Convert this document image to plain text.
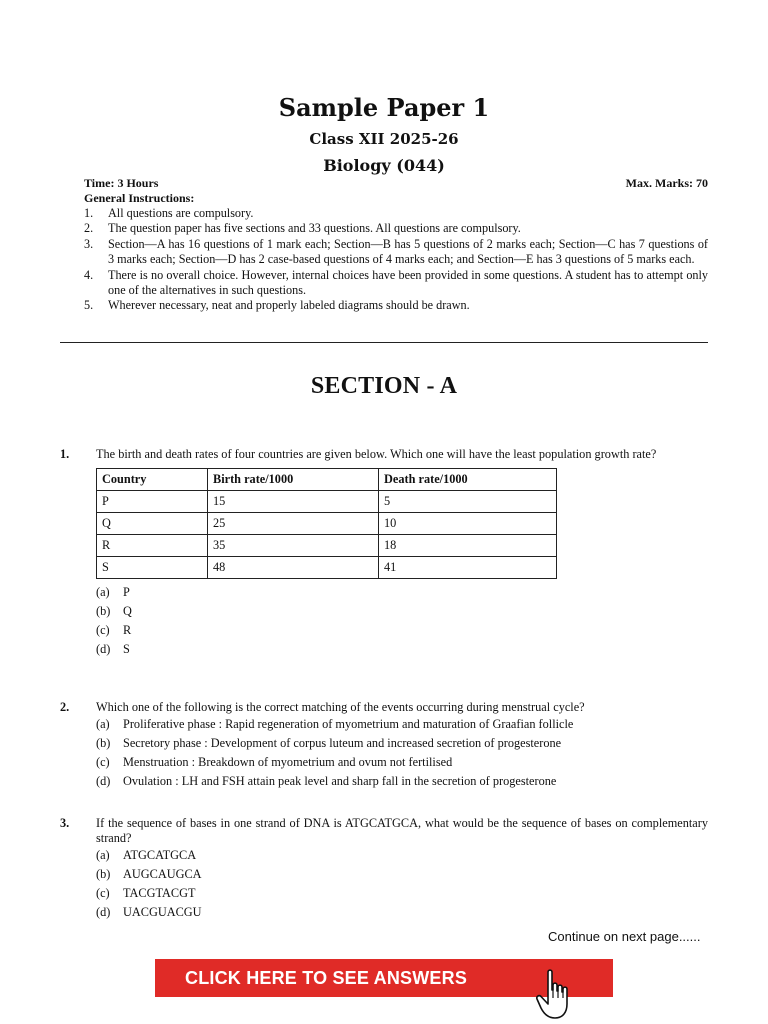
Sample Paper 1
Class XII 2025-26
Biology (044)
Time: 3 Hours	Max. Marks: 70
General Instructions:
1. All questions are compulsory.
2. The question paper has five sections and 33 questions. All questions are compulsory.
3. Section—A has 16 questions of 1 mark each; Section—B has 5 questions of 2 marks each; Section—C has 7 questions of 3 marks each; Section—D has 2 case-based questions of 4 marks each; and Section—E has 3 questions of 5 marks each.
4. There is no overall choice. However, internal choices have been provided in some questions. A student has to attempt only one of the alternatives in such questions.
5. Wherever necessary, neat and properly labeled diagrams should be drawn.
SECTION - A
1. The birth and death rates of four countries are given below. Which one will have the least population growth rate?
Country	Birth rate/1000	Death rate/1000
P	15	5
Q	25	10
R	35	18
S	48	41
(a) P
(b) Q
(c) R
(d) S
2. Which one of the following is the correct matching of the events occurring during menstrual cycle?
(a) Proliferative phase : Rapid regeneration of myometrium and maturation of Graafian follicle
(b) Secretory phase : Development of corpus luteum and increased secretion of progesterone
(c) Menstruation : Breakdown of myometrium and ovum not fertilised
(d) Ovulation : LH and FSH attain peak level and sharp fall in the secretion of progesterone
3. If the sequence of bases in one strand of DNA is ATGCATGCA, what would be the sequence of bases on complementary strand?
(a) ATGCATGCA
(b) AUGCAUGCA
(c) TACGTACGT
(d) UACGUACGU
Continue on next page......
CLICK HERE TO SEE ANSWERS
